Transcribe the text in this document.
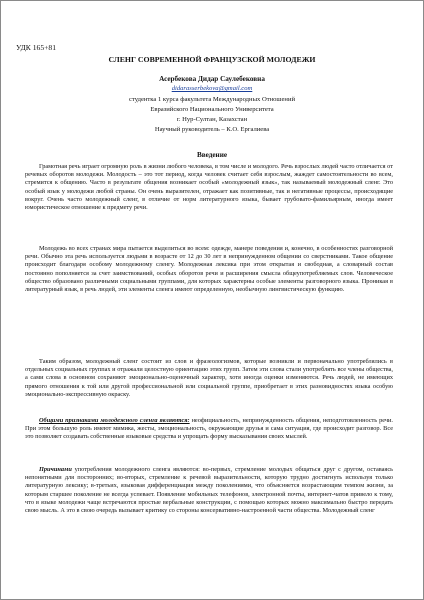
УДК 165+81
СЛЕНГ СОВРЕМЕННОЙ ФРАНЦУЗСКОЙ МОЛОДЕЖИ
Асербекова Дидар Саулебековна
didarasserbekova@gmail.com
студентка 1 курса факультета Международных Отношений
Евразийского Национального Университета
г. Нур-Султан, Казахстан
Научный руководитель – К.О. Ергалиева
Введение

Грамотная речь играет огромную роль в жизни любого человека, в том числе и молодого. Речь взрослых людей часто отличается от речевых оборотов молодежи. Молодость – это тот период, когда человек считает себя взрослым, жаждет самостоятельности во всем, стремится к общению. Часто в результате общения возникает особый «молодежный язык», так называемый молодежный сленг. Это особый язык у молодежи любой страны. Он очень выразителен, отражает как позитивные, так и негативные процессы, происходящие вокруг. Очень часто молодежный сленг, в отличие от норм литературного языка, бывает грубовато-фамильярным, иногда имеет юмористическое отношение к предмету речи.

Молодежь во всех странах мира пытается выделиться во всем: одежде, манере поведения и, конечно, в особенностях разговорной речи. Обычно эта речь используется людьми в возрасте от 12 до 30 лет в непринужденном общении со сверстниками. Такое общение происходит благодаря особому молодежному сленгу. Молодежная лексика при этом открытая и свободная, а словарный состав постоянно пополняется за счет заимствований, особых оборотов речи и расширения смысла общеупотребляемых слов. Человеческое общество образовано различными социальными группами, для которых характерны особые элементы разговорного языка. Проникая в литературный язык, в речь людей, эти элементы сленга имеют определенную, необычную лингвистическую функцию.

Таким образом, молодежный сленг состоит из слов и фразеологизмов, которые возникли и первоначально употреблялись в отдельных социальных группах и отражали целостную ориентацию этих групп. Затем эти слова стали употреблять все члены общества, а сами слова в основном сохраняют эмоционально-оценочный характер, хотя иногда оценки изменяются. Речь людей, не имеющих прямого отношения к той или другой профессиональной или социальной группе, приобретает в этих разновидностях языка особую эмоционально-экспрессивную окраску.

Общими признаками молодежного сленга являются: неофициальность, непринужденность общения, неподготовленность речи. При этом большую роль имеют мимика, жесты, эмоциональность, окружающие друзья и сама ситуация, где происходит разговор. Все это позволяет создавать собственные языковые средства и упрощать форму высказывания своих мыслей.

Причинами употребления молодежного сленга являются: во-первых, стремление молодых общаться друг с другом, оставаясь непонятными для посторонних; во-вторых, стремление к речевой выразительности, которую трудно достигнуть используя только литературную лексику; в-третьих, языковая дифференциация между поколениями, что объясняется возрастающим темпом жизни, за которым старшее поколение не всегда успевает. Появление мобильных телефонов, электронной почты, интернет-чатов привело к тому, что в языке молодежи чаще встречаются простые вербальные конструкции, с помощью которых можно максимально быстро передать свою мысль. А это в свою очередь вызывает критику со стороны консервативно-настроенной части общества. Молодежный сленг
